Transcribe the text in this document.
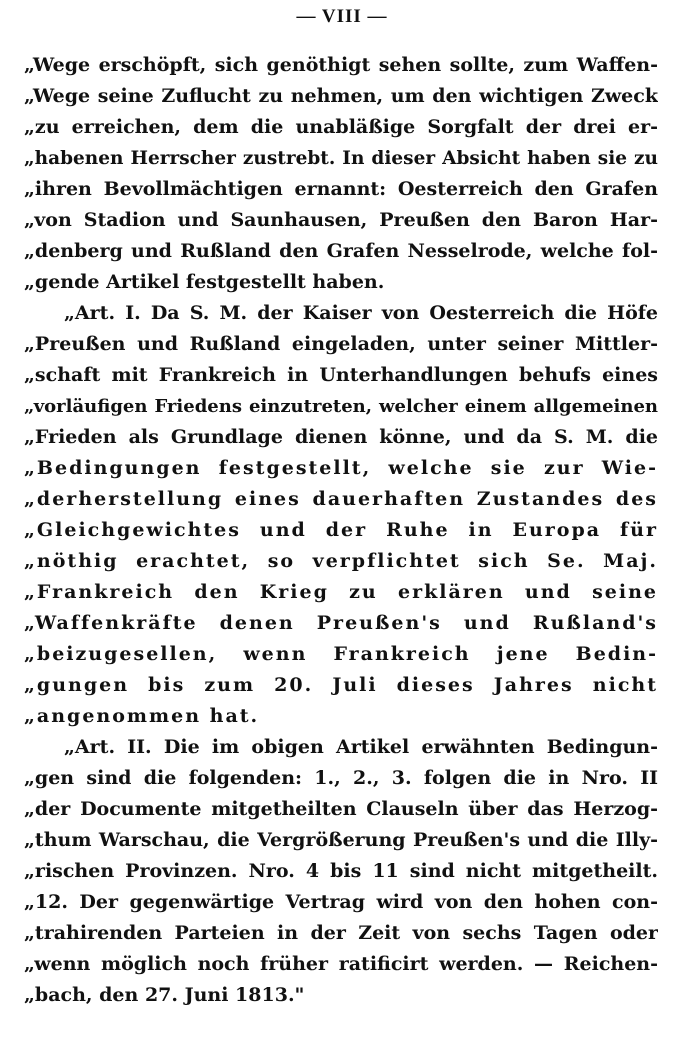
— VIII —
„Wege erschöpft, sich genöthigt sehen sollte, zum Waffen-
„Wege seine Zuflucht zu nehmen, um den wichtigen Zweck
„zu erreichen, dem die unabläßige Sorgfalt der drei er-
„habenen Herrscher zustrebt. In dieser Absicht haben sie zu
„ihren Bevollmächtigen ernannt: Oesterreich den Grafen
„von Stadion und Saunhausen, Preußen den Baron Har-
„denberg und Rußland den Grafen Nesselrode, welche fol-
„gende Artikel festgestellt haben.
„Art. I. Da S. M. der Kaiser von Oesterreich die Höfe
„Preußen und Rußland eingeladen, unter seiner Mittler-
„schaft mit Frankreich in Unterhandlungen behufs eines
„vorläufigen Friedens einzutreten, welcher einem allgemeinen
„Frieden als Grundlage dienen könne, und da S. M. die
„Bedingungen festgestellt, welche sie zur Wie-
„derherstellung eines dauerhaften Zustandes des
„Gleichgewichtes und der Ruhe in Europa für
„nöthig erachtet, so verpflichtet sich Se. Maj.
„Frankreich den Krieg zu erklären und seine
„Waffenkräfte denen Preußen's und Rußland's
„beizugesellen, wenn Frankreich jene Bedin-
„gungen bis zum 20. Juli dieses Jahres nicht
„angenommen hat.
„Art. II. Die im obigen Artikel erwähnten Bedingun-
„gen sind die folgenden: 1., 2., 3. folgen die in Nro. II
„der Documente mitgetheilten Clauseln über das Herzog-
„thum Warschau, die Vergrößerung Preußen's und die Illy-
„rischen Provinzen. Nro. 4 bis 11 sind nicht mitgetheilt.
„12. Der gegenwärtige Vertrag wird von den hohen con-
„trahirenden Parteien in der Zeit von sechs Tagen oder
„wenn möglich noch früher ratificirt werden. — Reichen-
„bach, den 27. Juni 1813."
